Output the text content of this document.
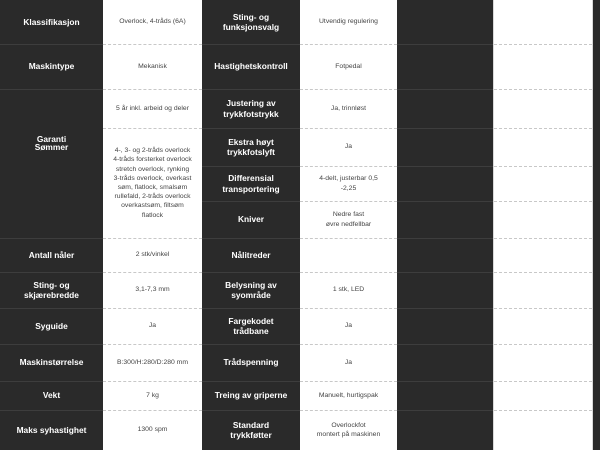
Klassifikasjon
Maskintype
Garanti
Sømmer
Antall nåler
Sting- og
skjærebredde
Syguide
Maskinstørrelse
Vekt
Maks syhastighet
Overlock, 4-tråds (6A)
Mekanisk
5 år inkl. arbeid og deler
4-, 3- og 2-tråds overlock
4-tråds forsterket overlock
stretch overlock, rynking
3-tråds overlock, overkast
søm, flatlock, smalsøm
rullefald, 2-tråds overlock
overkastsøm, filtsøm
flatlock
2 stk/vinkel
3,1-7,3 mm
Ja
B:300/H:280/D:280 mm
7 kg
1300 spm
Sting- og
funksjonsvalg
Hastighetskontroll
Justering av
trykkfotstrykk
Ekstra høyt
trykkfotslyft
Differensial
transportering
Kniver
Nålitreder
Belysning av
syområde
Fargekodet
trådbane
Trådspenning
Treing av griperne
Standard
trykkføtter
Utvendig regulering
Fotpedal
Ja, trinnløst
Ja
4-delt, justerbar 0,5
-2,25
Nedre fast
øvre nedfellbar
1 stk, LED
Ja
Ja
Manuelt, hurtigspak
Overlockfot
montert på maskinen
